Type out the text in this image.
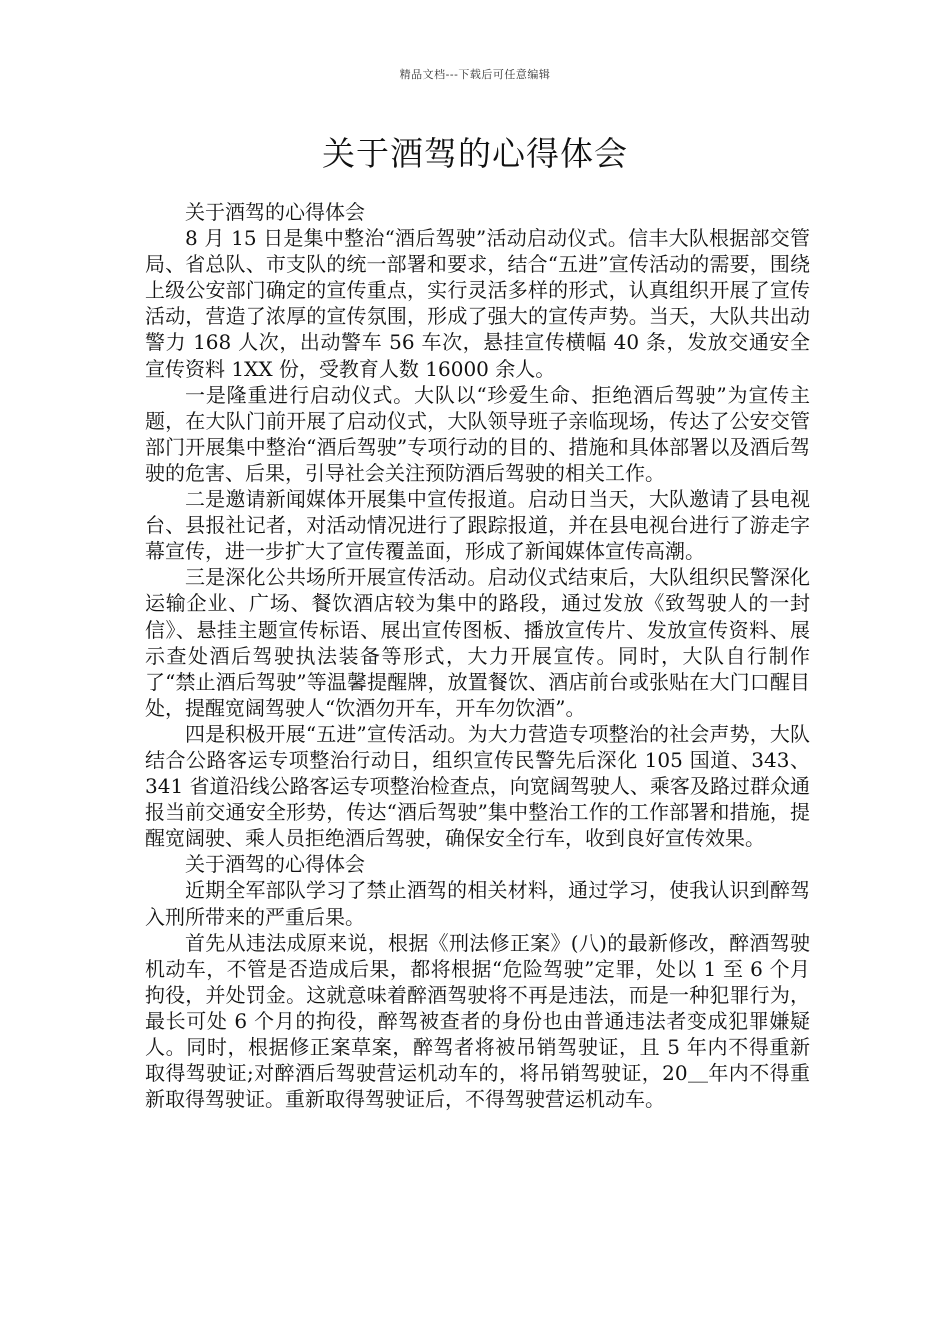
精品文档---下载后可任意编辑
关于酒驾的心得体会

关于酒驾的心得体会

8 月 15 日是集中整治“酒后驾驶”活动启动仪式。信丰大队根据部交管局、省总队、市支队的统一部署和要求，结合“五进”宣传活动的需要，围绕上级公安部门确定的宣传重点，实行灵活多样的形式，认真组织开展了宣传活动，营造了浓厚的宣传氛围，形成了强大的宣传声势。当天，大队共出动警力 168 人次，出动警车 56 车次，悬挂宣传横幅 40 条，发放交通安全宣传资料 1XX 份，受教育人数 16000 余人。

一是隆重进行启动仪式。大队以“珍爱生命、拒绝酒后驾驶”为宣传主题，在大队门前开展了启动仪式，大队领导班子亲临现场，传达了公安交管部门开展集中整治“酒后驾驶”专项行动的目的、措施和具体部署以及酒后驾驶的危害、后果，引导社会关注预防酒后驾驶的相关工作。

二是邀请新闻媒体开展集中宣传报道。启动日当天，大队邀请了县电视台、县报社记者，对活动情况进行了跟踪报道，并在县电视台进行了游走字幕宣传，进一步扩大了宣传覆盖面，形成了新闻媒体宣传高潮。

三是深化公共场所开展宣传活动。启动仪式结束后，大队组织民警深化运输企业、广场、餐饮酒店较为集中的路段，通过发放《致驾驶人的一封信》、悬挂主题宣传标语、展出宣传图板、播放宣传片、发放宣传资料、展示查处酒后驾驶执法装备等形式，大力开展宣传。同时，大队自行制作了“禁止酒后驾驶”等温馨提醒牌，放置餐饮、酒店前台或张贴在大门口醒目处，提醒宽阔驾驶人“饮酒勿开车，开车勿饮酒”。

四是积极开展“五进”宣传活动。为大力营造专项整治的社会声势，大队结合公路客运专项整治行动日，组织宣传民警先后深化 105 国道、343、341 省道沿线公路客运专项整治检查点，向宽阔驾驶人、乘客及路过群众通报当前交通安全形势，传达“酒后驾驶”集中整治工作的工作部署和措施，提醒宽阔驶、乘人员拒绝酒后驾驶，确保安全行车，收到良好宣传效果。

关于酒驾的心得体会

近期全军部队学习了禁止酒驾的相关材料，通过学习，使我认识到醉驾入刑所带来的严重后果。

首先从违法成原来说，根据《刑法修正案》(八)的最新修改，醉酒驾驶机动车，不管是否造成后果，都将根据“危险驾驶”定罪，处以 1 至 6 个月拘役，并处罚金。这就意味着醉酒驾驶将不再是违法，而是一种犯罪行为，最长可处 6 个月的拘役，醉驾被查者的身份也由普通违法者变成犯罪嫌疑人。同时，根据修正案草案，醉驾者将被吊销驾驶证，且 5 年内不得重新取得驾驶证;对醉酒后驾驶营运机动车的，将吊销驾驶证，20＿年内不得重新取得驾驶证。重新取得驾驶证后，不得驾驶营运机动车。
